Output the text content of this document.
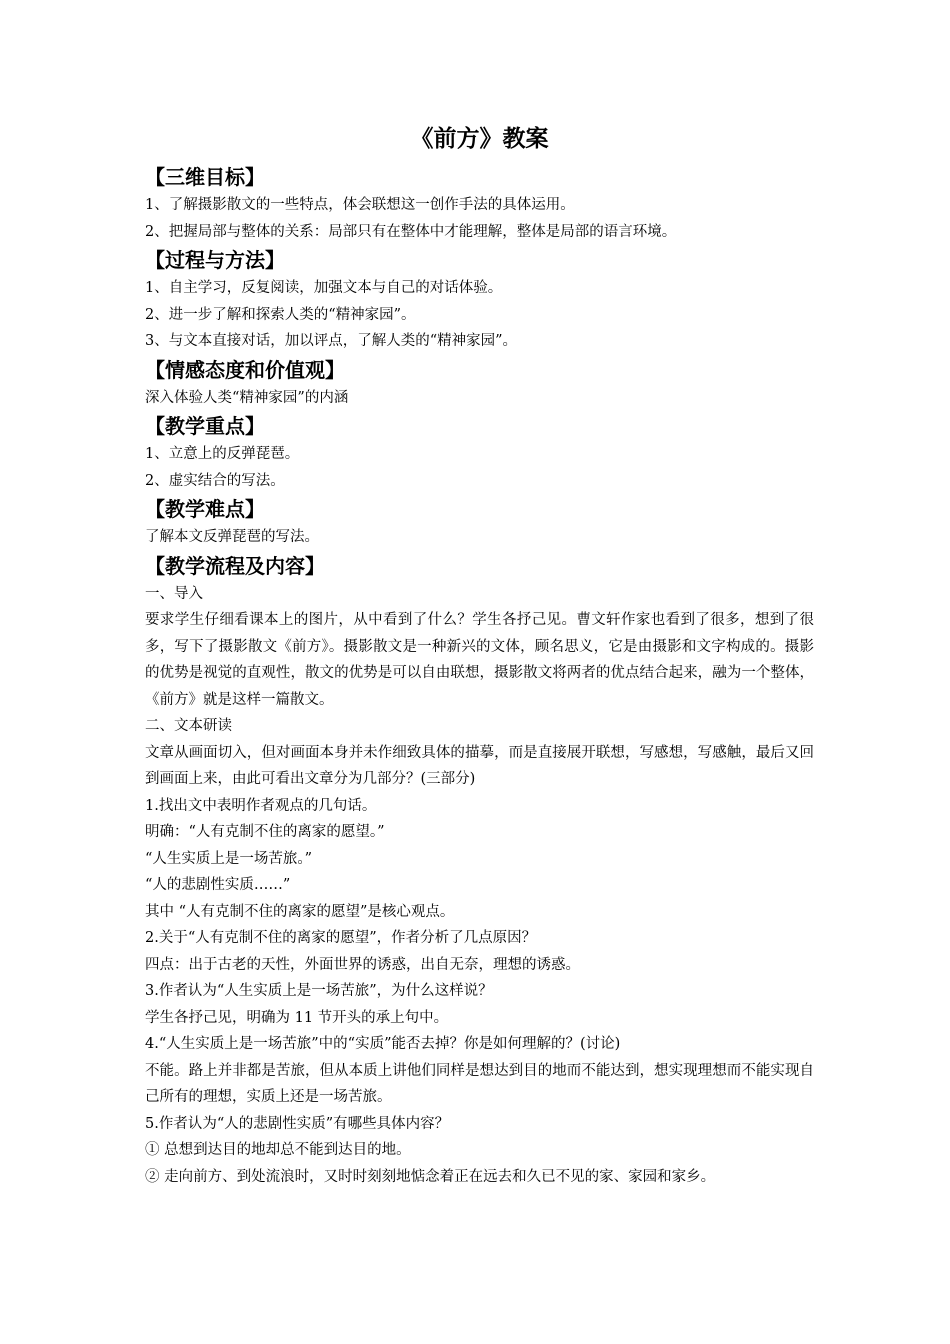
《前方》教案
【三维目标】

1、了解摄影散文的一些特点，体会联想这一创作手法的具体运用。

2、把握局部与整体的关系：局部只有在整体中才能理解，整体是局部的语言环境。

【过程与方法】

1、自主学习，反复阅读，加强文本与自己的对话体验。

2、进一步了解和探索人类的“精神家园”。

3、与文本直接对话，加以评点，了解人类的“精神家园”。

【情感态度和价值观】

深入体验人类“精神家园”的内涵

【教学重点】

1、立意上的反弹琵琶。

2、虚实结合的写法。

【教学难点】

了解本文反弹琵琶的写法。

【教学流程及内容】

一、导入

要求学生仔细看课本上的图片，从中看到了什么？学生各抒己见。曹文轩作家也看到了很多，想到了很多，写下了摄影散文《前方》。摄影散文是一种新兴的文体，顾名思义，它是由摄影和文字构成的。摄影的优势是视觉的直观性，散文的优势是可以自由联想，摄影散文将两者的优点结合起来，融为一个整体，《前方》就是这样一篇散文。

二、文本研读

文章从画面切入，但对画面本身并未作细致具体的描摹，而是直接展开联想，写感想，写感触，最后又回到画面上来，由此可看出文章分为几部分？(三部分)

1.找出文中表明作者观点的几句话。

明确：“人有克制不住的离家的愿望。”

“人生实质上是一场苦旅。”

“人的悲剧性实质……”

其中 “人有克制不住的离家的愿望”是核心观点。

2.关于“人有克制不住的离家的愿望”，作者分析了几点原因？

四点：出于古老的天性，外面世界的诱惑，出自无奈，理想的诱惑。

3.作者认为“人生实质上是一场苦旅”，为什么这样说？

学生各抒己见，明确为 11 节开头的承上句中。

4.“人生实质上是一场苦旅”中的“实质”能否去掉？你是如何理解的？(讨论)

不能。路上并非都是苦旅，但从本质上讲他们同样是想达到目的地而不能达到，想实现理想而不能实现自己所有的理想，实质上还是一场苦旅。

5.作者认为“人的悲剧性实质”有哪些具体内容？

① 总想到达目的地却总不能到达目的地。

② 走向前方、到处流浪时，又时时刻刻地惦念着正在远去和久已不见的家、家园和家乡。
